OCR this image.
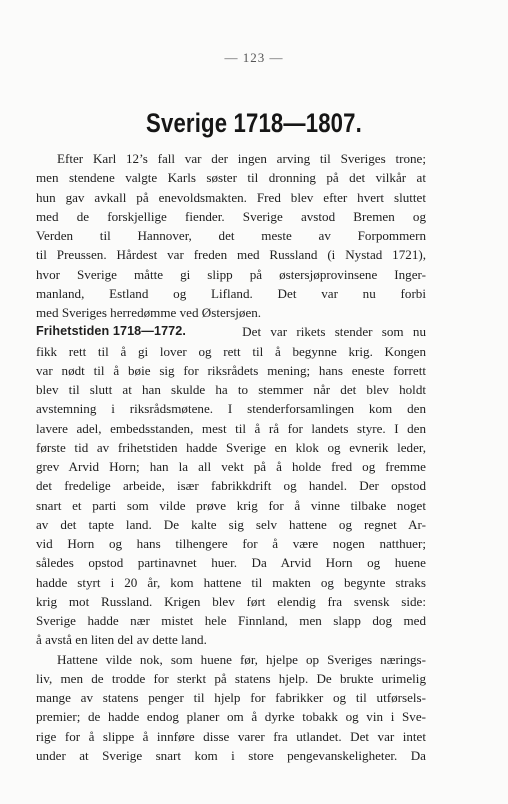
— 123 —
Sverige 1718—1807.
Efter Karl 12’s fall var der ingen arving til Sveriges trone;
men stendene valgte Karls søster til dronning på det vilkår at
hun gav avkall på enevoldsmakten. Fred blev efter hvert sluttet
med de forskjellige fiender. Sverige avstod Bremen og
Verden til Hannover, det meste av Forpommern
til Preussen. Hårdest var freden med Russland (i Nystad 1721),
hvor Sverige måtte gi slipp på østersjøprovinsene Inger-
manland, Estland og Lifland. Det var nu forbi
med Sveriges herredømme ved Østersjøen.
Frihetstiden 1718—1772.	Det var rikets stender som nu
fikk rett til å gi lover og rett til å begynne krig. Kongen
var nødt til å bøie sig for riksrådets mening; hans eneste forrett
blev til slutt at han skulde ha to stemmer når det blev holdt
avstemning i riksrådsmøtene. I stenderforsamlingen kom den
lavere adel, embedsstanden, mest til å rå for landets styre. I den
første tid av frihetstiden hadde Sverige en klok og evnerik leder,
grev Arvid Horn; han la all vekt på å holde fred og fremme
det fredelige arbeide, især fabrikkdrift og handel. Der opstod
snart et parti som vilde prøve krig for å vinne tilbake noget
av det tapte land. De kalte sig selv hattene og regnet Ar-
vid Horn og hans tilhengere for å være nogen natthuer;
således opstod partinavnet huer. Da Arvid Horn og huene
hadde styrt i 20 år, kom hattene til makten og begynte straks
krig mot Russland. Krigen blev ført elendig fra svensk side:
Sverige hadde nær mistet hele Finnland, men slapp dog med
å avstå en liten del av dette land.
Hattene vilde nok, som huene før, hjelpe op Sveriges nærings-
liv, men de trodde for sterkt på statens hjelp. De brukte urimelig
mange av statens penger til hjelp for fabrikker og til utførsels-
premier; de hadde endog planer om å dyrke tobakk og vin i Sve-
rige for å slippe å innføre disse varer fra utlandet. Det var intet
under at Sverige snart kom i store pengevanskeligheter. Da
